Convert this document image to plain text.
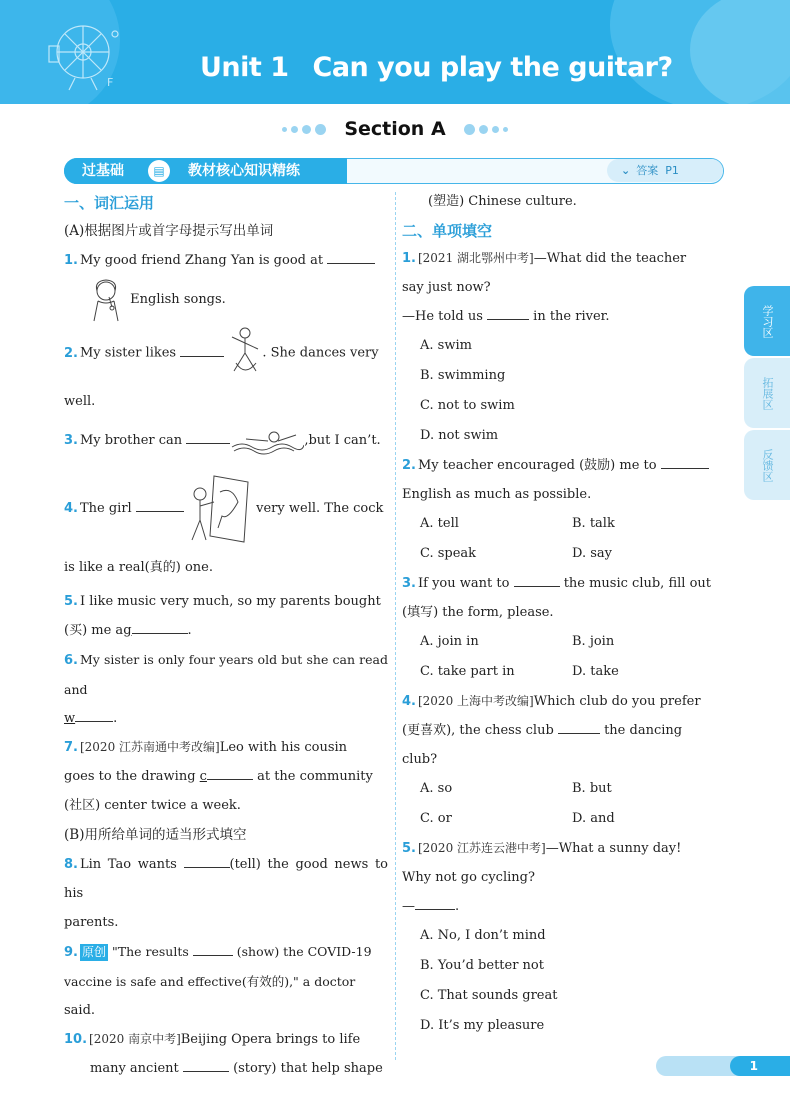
F	Unit 1 Can you play the guitar?
Section A
过基础	▤	教材核心知识精练	⌄ 答案 P1
一、词汇运用
(A)根据图片或首字母提示写出单词
1. My good friend Zhang Yan is good at
English songs.
2. My sister likes	. She dances very
well.
3. My brother can	,but I can’t.
4. The girl	very well. The cock
is like a real(真的) one.
5. I like music very much, so my parents bought
(买) me ag	.
6. My sister is only four years old but she can read and
w	.
7. [2020 江苏南通中考改编]Leo with his cousin
goes to the drawing c	at the community
(社区) center twice a week.
(B)用所给单词的适当形式填空
8. Lin Tao wants	(tell) the good news to his
parents.
9. 原创 "The results	(show) the COVID-19
vaccine is safe and effective(有效的)," a doctor
said.
10. [2020 南京中考]Beijing Opera brings to life
many ancient	(story) that help shape
(塑造) Chinese culture.
二、单项填空
1. [2021 湖北鄂州中考]—What did the teacher
say just now?
—He told us	in the river.
A. swim
B. swimming
C. not to swim
D. not swim
2. My teacher encouraged (鼓励) me to
English as much as possible.
A. tell	B. talk
C. speak	D. say
3. If you want to	the music club, fill out
(填写) the form, please.
A. join in	B. join
C. take part in	D. take
4. [2020 上海中考改编]Which club do you prefer
(更喜欢), the chess club	the dancing
club?
A. so	B. but
C. or	D. and
5. [2020 江苏连云港中考]—What a sunny day!
Why not go cycling?
—	.
A. No, I don’t mind
B. You’d better not
C. That sounds great
D. It’s my pleasure
学习区
拓展区
反馈区
1
